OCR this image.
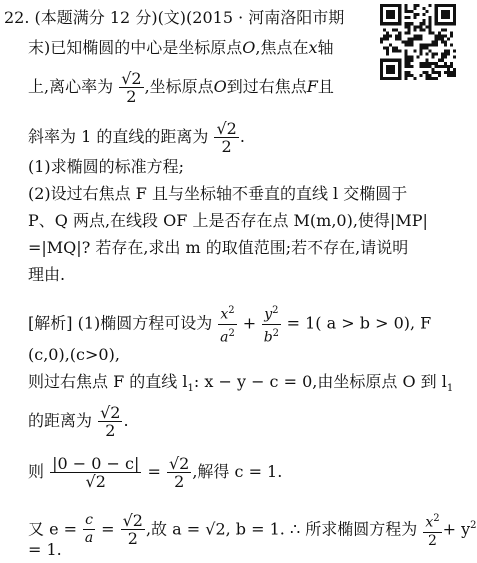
22. (本题满分 12 分)(文)(2015 · 河南洛阳市期
末)已知椭圆的中心是坐标原点O,焦点在x轴
上,离心率为 $\frac{√2}{2}$ ,坐标原点O到过右焦点F且
斜率为 1 的直线的距离为 $\frac{√2}{2}$ .
(1)求椭圆的标准方程;
(2)设过右焦点 F 且与坐标轴不垂直的直线 l 交椭圆于
P、Q 两点,在线段 OF 上是否存在点 M(m,0),使得|MP|
=|MQ|? 若存在,求出 m 的取值范围;若不存在,请说明
理由.
[解析] (1)椭圆方程可设为 $\frac{x^2}{a^2} + \frac{y^2}{b^2} = 1$( a > b > 0), F
(c,0),(c>0),
则过右焦点 F 的直线 $l_1$: x − y − c = 0,由坐标原点 O 到 $l_1$
的距离为 $\frac{√2}{2}$ .
则 $\frac{|0 - 0 - c|}{√2} = \frac{√2}{2}$ ,解得 c = 1.
又 $e = \frac{c}{a} = \frac{√2}{2}$ ,故 a = √2, b = 1. ∴ 所求椭圆方程为 $\frac{x^2}{2} + y^2$
= 1.
